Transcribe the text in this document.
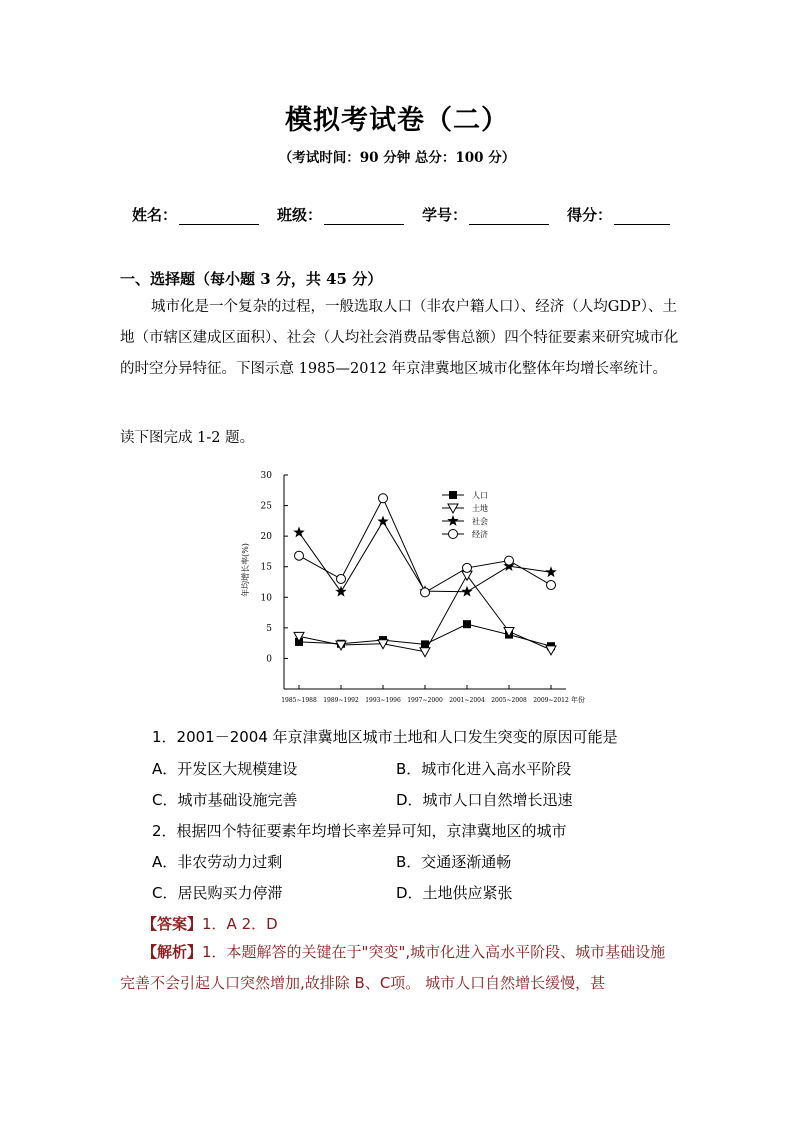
模拟考试卷（二）
（考试时间：90 分钟 总分：100 分）
姓名：	班级：	学号：	得分：
一、选择题（每小题 3 分，共 45 分）
城市化是一个复杂的过程，一般选取人口（非农户籍人口）、经济（人均GDP）、土地（市辖区建成区面积）、社会（人均社会消费品零售总额）四个特征要素来研究城市化的时空分异特征。下图示意 1985—2012 年京津冀地区城市化整体年均增长率统计。
读下图完成 1-2 题。
30
25
20
15
10
5
0
1985~1988 1989~1992 1993~1996 1997~2000 2001~2004 2005~2008 2009~2012 年份
年均增长率(%)
人口
土地
社会
经济
1．2001－2004 年京津冀地区城市土地和人口发生突变的原因可能是
A．开发区大规模建设	B．城市化进入高水平阶段
C．城市基础设施完善	D．城市人口自然增长迅速
2．根据四个特征要素年均增长率差异可知，京津冀地区的城市
A．非农劳动力过剩	B．交通逐渐通畅
C．居民购买力停滞	D．土地供应紧张
【答案】1．A 2．D
【解析】1．本题解答的关键在于"突变",城市化进入高水平阶段、城市基础设施完善不会引起人口突然增加,故排除 B、C项。 城市人口自然增长缓慢，甚
